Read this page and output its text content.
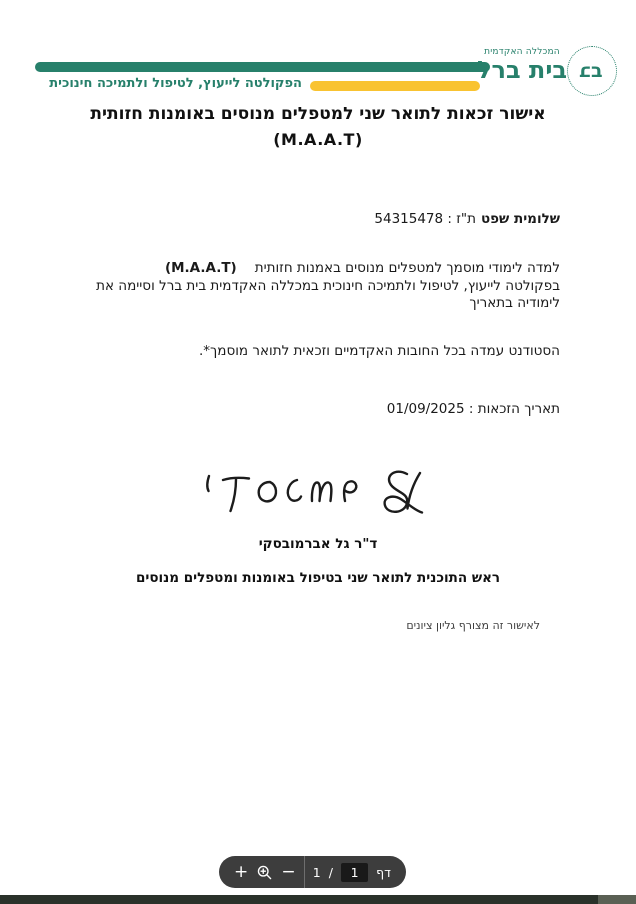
המכללה האקדמית
בית ברל ב ב
הפקולטה לייעוץ, לטיפול ולתמיכה חינוכית
אישור זכאות לתואר שני למטפלים מנוסים באומנות חזותית
(M.A.A.T)
שלומית שפטת"ז : 54315478
למדה לימודי מוסמך למטפלים מנוסים באמנות חזותית(M.A.A.T)
בפקולטה לייעוץ, לטיפול ולתמיכה חינוכית במכללה האקדמית בית ברל וסיימה את
לימודיה בתאריך
הסטודנט עמדה בכל החובות האקדמיים וזכאית לתואר מוסמך*.
תאריך הזכאות : 01/09/2025
ד"ר גל אברמובסקי
ראש התוכנית לתואר שני בטיפול באומנות ומטפלים מנוסים
לאישור זה מצורף גליון ציונים
+ − 1 /	1	דף
